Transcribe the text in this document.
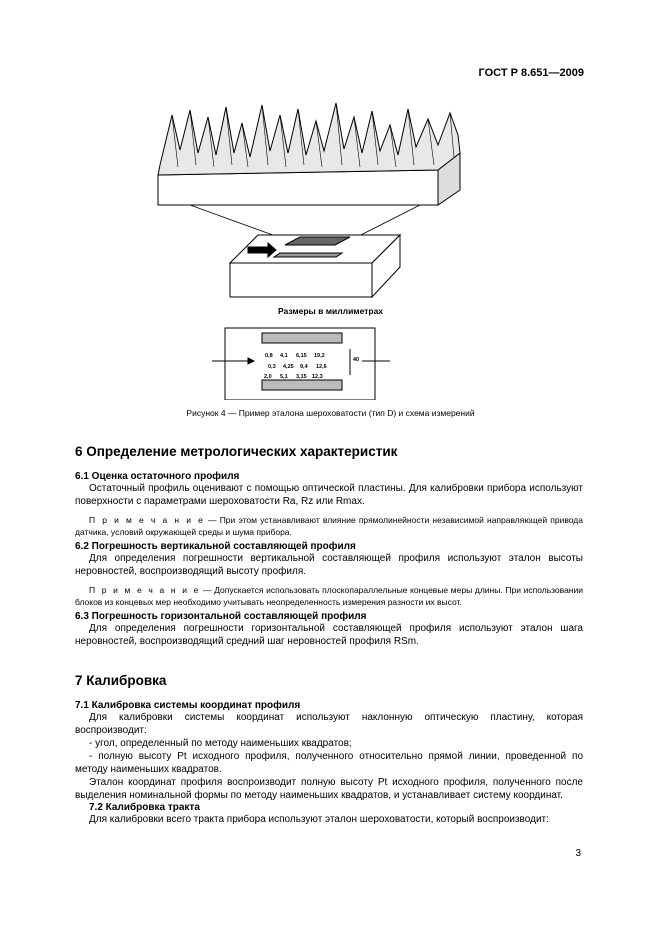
ГОСТ Р 8.651—2009
0,8 4,1 6,15 19,2
0,3 4,25 9,4 12,6
2,0 5,1 3,15 12,3
40
Размеры в миллиметрах
Рисунок 4 — Пример эталона шероховатости (тип D) и схема измерений
6 Определение метрологических характеристик
6.1 Оценка остаточного профиля

Остаточный профиль оценивают с помощью оптической пластины. Для калибровки прибора используют поверхности с параметрами шероховатости Ra, Rz или Rmax.

П р и м е ч а н и е — При этом устанавливают влияние прямолинейности независимой направляющей привода датчика, условий окружающей среды и шума прибора.
6.2 Погрешность вертикальной составляющей профиля

Для определения погрешности вертикальной составляющей профиля используют эталон высоты неровностей, воспроизводящий высоту профиля.

П р и м е ч а н и е — Допускается использовать плоскопараллельные концевые меры длины. При использовании блоков из концевых мер необходимо учитывать неопределенность измерения разности их высот.
6.3 Погрешность горизонтальной составляющей профиля

Для определения погрешности горизонтальной составляющей профиля используют эталон шага неровностей, воспроизводящий средний шаг неровностей профиля RSm.

7 Калибровка
7.1 Калибровка системы координат профиля

Для калибровки системы координат используют наклонную оптическую пластину, которая воспроизводит:

- угол, определенный по методу наименьших квадратов;

- полную высоту Pt исходного профиля, полученного относительно прямой линии, проведенной по методу наименьших квадратов.

Эталон координат профиля воспроизводит полную высоту Pt исходного профиля, полученного после выделения номинальной формы по методу наименьших квадратов, и устанавливает систему координат.

7.2 Калибровка тракта

Для калибровки всего тракта прибора используют эталон шероховатости, который воспроизводит:

3
